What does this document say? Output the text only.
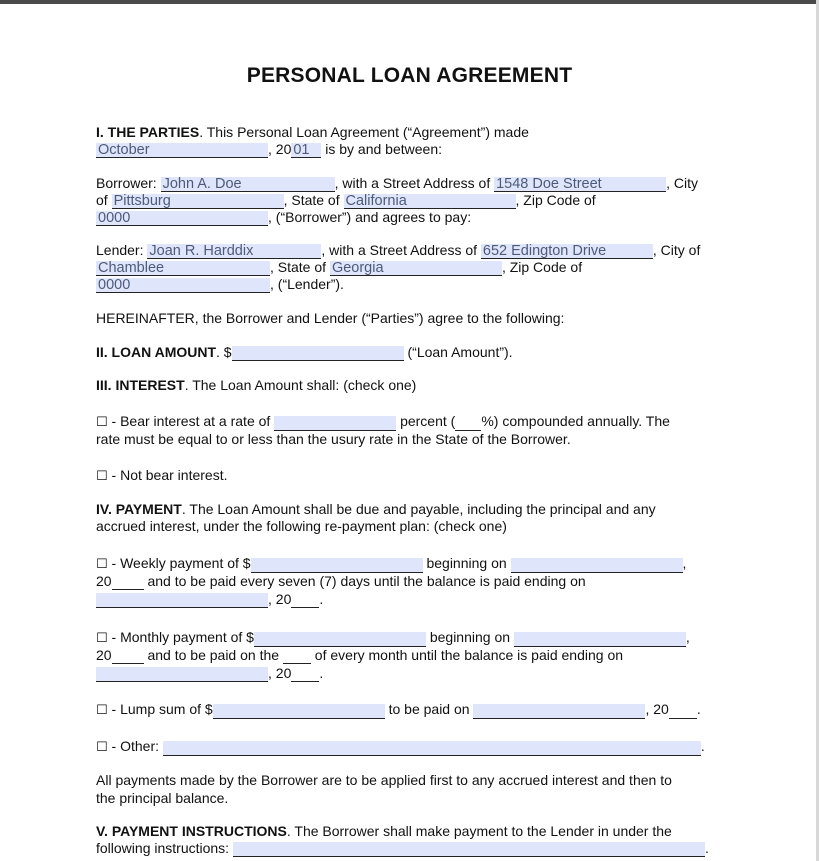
PERSONAL LOAN AGREEMENT
I. THE PARTIES. This Personal Loan Agreement (“Agreement”) made
October	, 20 01 is by and between:
Borrower: John A. Doe	, with a Street Address of 1548 Doe Street	, City
of Pittsburg	, State of California	, Zip Code of
0000	, (“Borrower”) and agrees to pay:
Lender: Joan R. Harddix	, with a Street Address of 652 Edington Drive	, City of
Chamblee	, State of Georgia	, Zip Code of
0000	, (“Lender”).
HEREINAFTER, the Borrower and Lender (“Parties”) agree to the following:
II. LOAN AMOUNT. $	(“Loan Amount”).
III. INTEREST. The Loan Amount shall: (check one)
☐ - Bear interest at a rate of	percent ( %) compounded annually. The
rate must be equal to or less than the usury rate in the State of the Borrower.
☐ - Not bear interest.
IV. PAYMENT. The Loan Amount shall be due and payable, including the principal and any
accrued interest, under the following re-payment plan: (check one)
☐ - Weekly payment of $	beginning on	,
20 and to be paid every seven (7) days until the balance is paid ending on
, 20 .
☐ - Monthly payment of $	beginning on	,
20 and to be paid on the  of every month until the balance is paid ending on
, 20 .
☐ - Lump sum of $	to be paid on	, 20 .
☐ - Other:	.
All payments made by the Borrower are to be applied first to any accrued interest and then to
the principal balance.
V. PAYMENT INSTRUCTIONS. The Borrower shall make payment to the Lender in under the
following instructions:	.
